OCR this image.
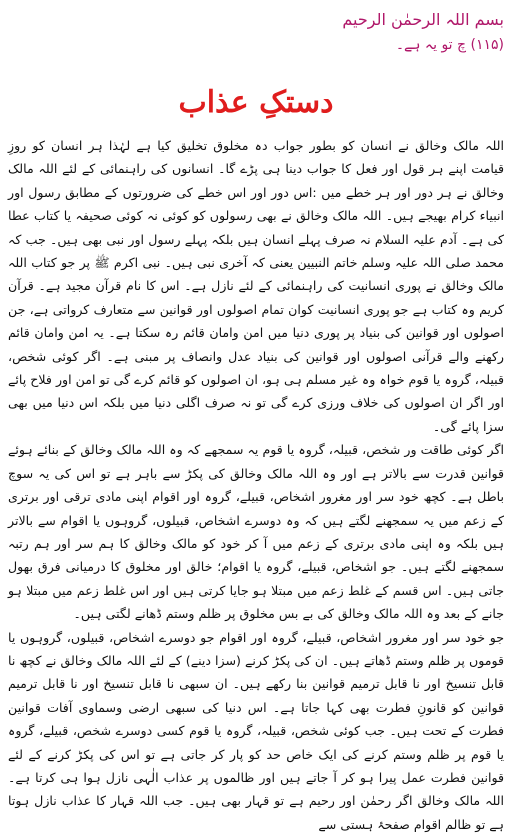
بسم اللہ الرحمٰن الرحیم
(۱۱۵) چ تو یہ ہے۔
دستکِ عذاب

اللہ مالک وخالق نے انسان کو بطور جواب دہ مخلوق تخلیق کیا ہے لہٰذا ہر انسان کو روزِ قیامت اپنے ہر قول اور فعل کا جواب دینا ہی پڑے گا۔ انسانوں کی راہنمائی کے لئے اللہ مالک وخالق نے ہر دور اور ہر خطے میں :اس دور اور اس خطے کی ضرورتوں کے مطابق رسول اور انبیاء کرام بھیجے ہیں۔ اللہ مالک وخالق نے بھی رسولوں کو کوئی نہ کوئی صحیفہ یا کتاب عطا کی ہے۔ آدم علیہ السلام نہ صرف پہلے انسان ہیں بلکہ پہلے رسول اور نبی بھی ہیں۔ جب کہ محمد صلی اللہ علیہ وسلم خاتم النبیین یعنی کہ آخری نبی ہیں۔ نبی اکرم ﷺ پر جو کتاب اللہ مالک وخالق نے پوری انسانیت کی راہنمائی کے لئے نازل ہے۔ اس کا نام قرآن مجید ہے۔ قرآن کریم وہ کتاب ہے جو پوری انسانیت کوان تمام اصولوں اور قوانین سے متعارف کرواتی ہے، جن اصولوں اور قوانین کی بنیاد پر پوری دنیا میں امن وامان قائم رہ سکتا ہے۔ یہ امن وامان قائم رکھنے والے قرآنی اصولوں اور قوانین کی بنیاد عدل وانصاف پر مبنی ہے۔ اگر کوئی شخص، قبیلہ، گروہ یا قوم خواہ وہ غیر مسلم ہی ہو، ان اصولوں کو قائم کرے گی تو امن اور فلاح پائے اور اگر ان اصولوں کی خلاف ورزی کرے گی تو نہ صرف اگلی دنیا میں بلکہ اس دنیا میں بھی سزا پائے گی۔

اگر کوئی طاقت ور شخص، قبیلہ، گروہ یا قوم یہ سمجھے کہ وہ اللہ مالک وخالق کے بنائے ہوئے قوانین قدرت سے بالاتر ہے اور وہ اللہ مالک وخالق کی پکڑ سے باہر ہے تو اس کی یہ سوچ باطل ہے۔ کچھ خود سر اور مغرور اشخاص، قبیلے، گروہ اور اقوام اپنی مادی ترقی اور برتری کے زعم میں یہ سمجھنے لگتے ہیں کہ وہ دوسرے اشخاص، قبیلوں، گروہوں یا اقوام سے بالاتر ہیں بلکہ وہ اپنی مادی برتری کے زعم میں آ کر خود کو مالک وخالق کا ہم سر اور ہم رتبہ سمجھنے لگتے ہیں۔ جو اشخاص، قبیلے، گروہ یا اقوام؛ خالق اور مخلوق کا درمیانی فرق بھول جاتی ہیں۔ اس قسم کے غلط زعم میں مبتلا ہو جایا کرتی ہیں اور اس غلط زعم میں مبتلا ہو جانے کے بعد وہ اللہ مالک وخالق کی بے بس مخلوق پر ظلم وستم ڈھانے لگتی ہیں۔

جو خود سر اور مغرور اشخاص، قبیلے، گروہ اور اقوام جو دوسرے اشخاص، قبیلوں، گروہوں یا قوموں پر ظلم وستم ڈھاتے ہیں۔ ان کی پکڑ کرنے (سزا دینے) کے لئے اللہ مالک وخالق نے کچھ نا قابل تنسیخ اور نا قابل ترمیم قوانین بنا رکھے ہیں۔ ان سبھی نا قابل تنسیخ اور نا قابل ترمیم قوانین کو قانونِ فطرت بھی کہا جاتا ہے۔ اس دنیا کی سبھی ارضی وسماوی آفات قوانین فطرت کے تحت ہیں۔ جب کوئی شخص، قبیلہ، گروہ یا قوم کسی دوسرے شخص، قبیلے، گروہ یا قوم پر ظلم وستم کرنے کی ایک خاص حد کو پار کر جاتی ہے تو اس کی پکڑ کرنے کے لئے قوانین فطرت عمل پیرا ہو کر آ جاتے ہیں اور ظالموں پر عذاب الٰہی نازل ہوا ہی کرتا ہے۔ اللہ مالک وخالق اگر رحمٰن اور رحیم ہے تو قہار بھی ہیں۔ جب اللہ قہار کا عذاب نازل ہوتا ہے تو ظالم اقوام صفحۂ ہستی سے
